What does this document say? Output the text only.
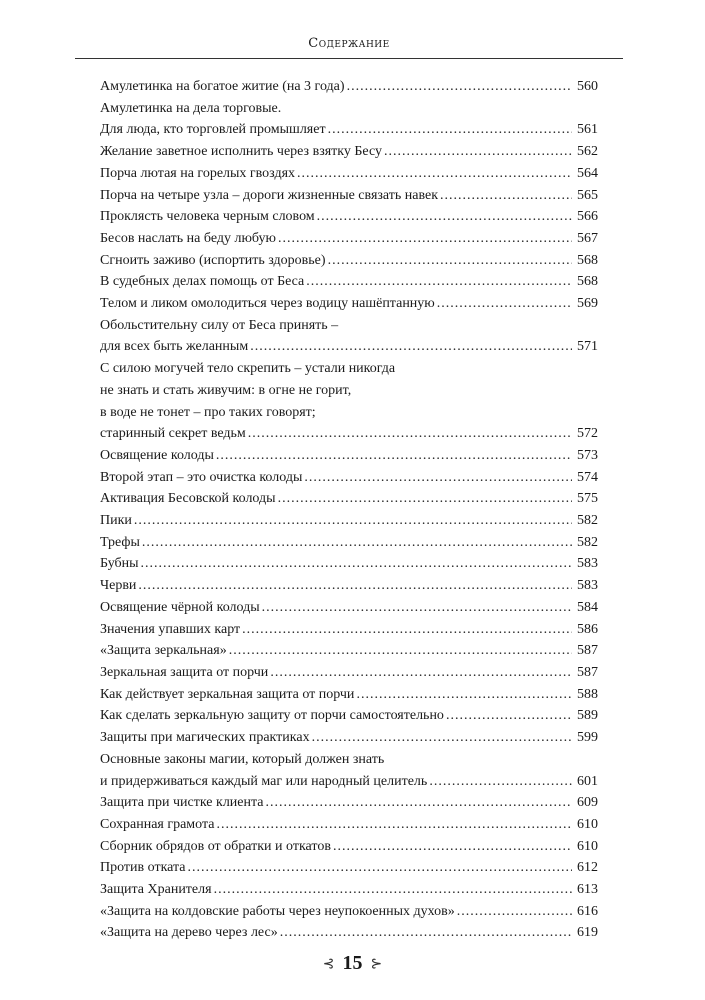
Содержание
Амулетинка на богатое житие (на 3 года) .....	560
Амулетинка на дела торговые.
Для люда, кто торговлей промышляет .....	561
Желание заветное исполнить через взятку Бесу .....	562
Порча лютая на горелых гвоздях .....	564
Порча на четыре узла – дороги жизненные связать навек .....	565
Проклясть человека черным словом .....	566
Бесов наслать на беду любую .....	567
Сгноить заживо (испортить здоровье) .....	568
В судебных делах помощь от Беса .....	568
Телом и ликом омолодиться через водицу нашёптанную .....	569
Обольстительну силу от Беса принять –
для всех быть желанным .....	571
С силою могучей тело скрепить – устали никогда
не знать и стать живучим: в огне не горит,
в воде не тонет – про таких говорят;
старинный секрет ведьм .....	572
Освящение колоды .....	573
Второй этап – это очистка колоды .....	574
Активация Бесовской колоды .....	575
Пики .....	582
Трефы .....	582
Бубны .....	583
Черви .....	583
Освящение чёрной колоды .....	584
Значения упавших карт .....	586
«Защита зеркальная» .....	587
Зеркальная защита от порчи .....	587
Как действует зеркальная защита от порчи .....	588
Как сделать зеркальную защиту от порчи самостоятельно .....	589
Защиты при магических практиках .....	599
Основные законы магии, который должен знать
и придерживаться каждый маг или народный целитель .....	601
Защита при чистке клиента .....	609
Сохранная грамота .....	610
Сборник обрядов от обратки и откатов .....	610
Против отката .....	612
Защита Хранителя .....	613
«Защита на колдовские работы через неупокоенных духов» .....	616
«Защита на дерево через лес» .....	619
⊰ 15 ⊱
